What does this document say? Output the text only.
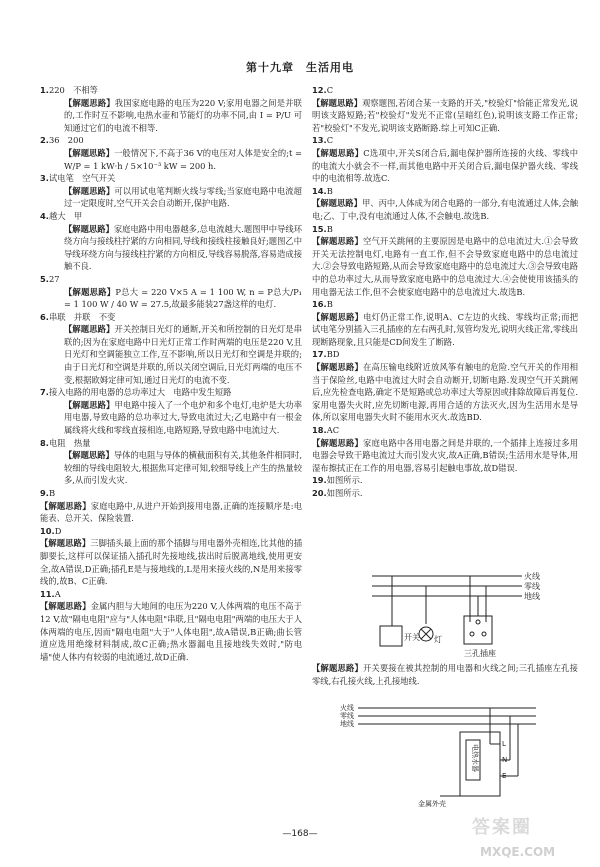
第十九章　生活用电

1.220　不相等

【解题思路】我国家庭电路的电压为220 V;家用电器之间是并联的,工作时互不影响,电热水壶和节能灯的功率不同,由 I = P/U 可知通过它们的电流不相等.

2.36　200

【解题思路】一般情况下,不高于36 V的电压对人体是安全的;t = W/P = 1 kW·h / 5×10⁻³ kW = 200 h.

3.试电笔　空气开关

【解题思路】可以用试电笔判断火线与零线;当家庭电路中电流超过一定限度时,空气开关会自动断开,保护电路.

4.越大　甲

【解题思路】家庭电路中用电器越多,总电流越大.题图甲中导线环绕方向与接线柱拧紧的方向相同,导线和接线柱接触良好;题图乙中导线环绕方向与接线柱拧紧的方向相反,导线容易脱落,容易造成接触不良.

5.27

【解题思路】P总大 = 220 V×5 A = 1 100 W, n = P总大/P₁ = 1 100 W / 40 W = 27.5,故最多能装27盏这样的电灯.

6.串联　并联　不变

【解题思路】开关控制日光灯的通断,开关和所控制的日光灯是串联的;因为在家庭电路中日光灯正常工作时两端的电压是220 V,且日光灯和空调能独立工作,互不影响,所以日光灯和空调是并联的;由于日光灯和空调是并联的,所以关闭空调后,日光灯两端的电压不变,根据欧姆定律可知,通过日光灯的电流不变.

7.接入电路的用电器的总功率过大　电路中发生短路

【解题思路】甲电路中接入了一个电炉和多个电灯,电炉是大功率用电器,导致电路的总功率过大,导致电流过大;乙电路中有一根金属线将火线和零线直接相连,电路短路,导致电路中电流过大.

8.电阻　热量

【解题思路】导体的电阻与导体的横截面积有关,其他条件相同时,较细的导线电阻较大,根据焦耳定律可知,较细导线上产生的热量较多,从而引发火灾.

9.B
【解题思路】家庭电路中,从进户开始到接用电器,正确的连接顺序是:电能表、总开关、保险装置.

10.D
【解题思路】三脚插头最上面的那个插脚与用电器外壳相连,比其他的插脚要长,这样可以保证插入插孔时先接地线,拔出时后脱离地线,使用更安全,故A错误,D正确;插孔E是与接地线的,L是用来接火线的,N是用来接零线的,故B、C正确.

11.A
【解题思路】金属内胆与大地间的电压为220 V,人体两端的电压不高于12 V,故"隔电电阻"应与"人体电阻"串联,且"隔电电阻"两端的电压大于人体两端的电压,因而"隔电电阻"大于"人体电阻",故A错误,B正确;曲长管道应选用绝缘材料制成,故C正确;热水器漏电且接地线失效时,"防电墙"使人体内有较弱的电流通过,故D正确.

12.C
【解题思路】观察题图,若闭合某一支路的开关,"校验灯"恰能正常发光,说明该支路短路;若"校验灯"发光不正常(呈暗红色),说明该支路工作正常;若"校验灯"不发光,说明该支路断路.综上可知C正确.

13.C
【解题思路】C选项中,开关S闭合后,漏电保护器所连接的火线、零线中的电流大小就会不一样,而其他电路中开关闭合后,漏电保护器火线、零线中的电流相等.故选C.

14.B
【解题思路】甲、丙中,人体成为闭合电路的一部分,有电流通过人体,会触电;乙、丁中,没有电流通过人体,不会触电.故选B.

15.B
【解题思路】空气开关跳闸的主要原因是电路中的总电流过大.①会导致开关无法控制电灯,电路有一直工作,但不会导致家庭电路中的总电流过大.②会导致电路短路,从而会导致家庭电路中的总电流过大.③会导致电路中的总功率过大,从而导致家庭电路中的总电流过大.④会使使用该插头的用电器无法工作,但不会使家庭电路中的总电流过大.故选B.

16.B
【解题思路】电灯仍正常工作,说明A、C左边的火线、零线均正常;而把试电笔分别插入三孔插座的左右两孔时,氖管均发光,说明火线正常,零线出现断路现象,且只能是CD间发生了断路.

17.BD
【解题思路】在高压输电线附近放风筝有触电的危险.空气开关的作用相当于保险丝,电路中电流过大时会自动断开,切断电路.发现空气开关跳闸后,应先检查电路,确定不是短路或总功率过大等原因或排除故障后再复位.家用电器失火时,应先切断电源,再用合适的方法灭火,因为生活用水是导体,所以家用电器失火时不能用水灭火.故选BD.

18.AC
【解题思路】家庭电路中各用电器之间是并联的,一个插排上连接过多用电器会导致干路电流过大而引发火灾,故A正确,B错误;生活用水是导体,用湿布擦拭正在工作的用电器,容易引起触电事故,故D错误.

19.如图所示.

20.如图所示.

火线
零线
地线
开关 灯
三孔插座
【解题思路】开关要接在被其控制的用电器和火线之间;三孔插座左孔接零线,右孔接火线,上孔接地线.
火线
零线
地线
L
N
E
金属外壳
电热水器
—168—	答案圈
MXQE.COM
